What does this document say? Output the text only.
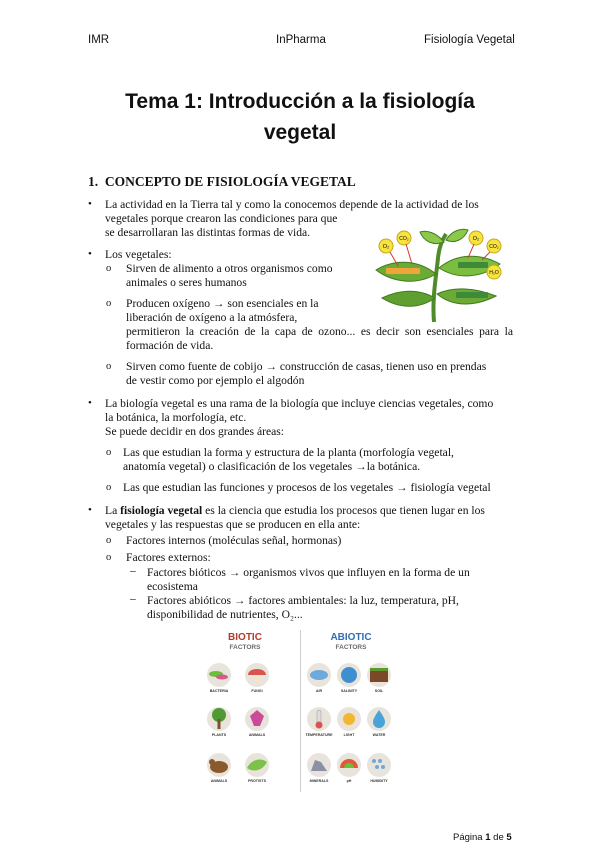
IMR	InPharma	Fisiología Vegetal
Tema 1: Introducción a la fisiología
vegetal
1. CONCEPTO DE FISIOLOGÍA VEGETAL
• La actividad en la Tierra tal y como la conocemos depende de la actividad de los
vegetales porque crearon las condiciones para que
se desarrollaran las distintas formas de vida.
• Los vegetales:
o Sirven de alimento a otros organismos como
animales o seres humanos
o Producen oxígeno → son esenciales en la
liberación de oxígeno a la atmósfera,
permitieron la creación de la capa de ozono... es decir son esenciales para la
formación de vida.
o Sirven como fuente de cobijo → construcción de casas, tienen uso en prendas
de vestir como por ejemplo el algodón
O₂
CO₂	O₂
CO₂
H₂O
• La biología vegetal es una rama de la biología que incluye ciencias vegetales, como
la botánica, la morfología, etc.
Se puede decidir en dos grandes áreas:
o Las que estudian la forma y estructura de la planta (morfología vegetal,
anatomía vegetal) o clasificación de los vegetales →la botánica.
o Las que estudian las funciones y procesos de los vegetales → fisiología vegetal
• La fisiología vegetal es la ciencia que estudia los procesos que tienen lugar en los
vegetales y las respuestas que se producen en ella ante:
o Factores internos (moléculas señal, hormonas)
o Factores externos:
– Factores bióticos → organismos vivos que influyen en la forma de un
ecosistema
– Factores abióticos → factores ambientales: la luz, temperatura, pH,
disponibilidad de nutrientes, O₂...
BIOTIC
FACTORS
ABIOTIC
FACTORS
BACTERIA	FUNGI
PLANTS	ANIMALS
ANIMALS	PROTISTS
AIR	SALINITY	SOIL
TEMPERATURE	LIGHT	WATER
MINERALS	pH	HUMIDITY
Página 1 de 5
